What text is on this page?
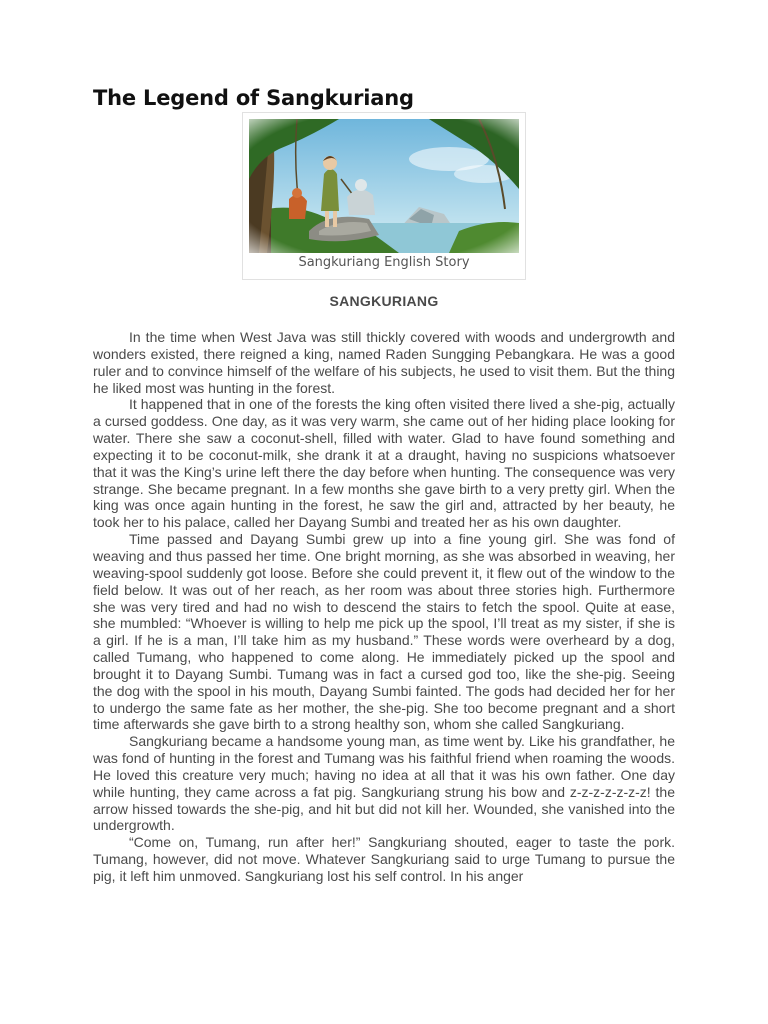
The Legend of Sangkuriang
Sangkuriang English Story
SANGKURIANG

In the time when West Java was still thickly covered with woods and undergrowth and wonders existed, there reigned a king, named Raden Sungging Pebangkara. He was a good ruler and to convince himself of the welfare of his subjects, he used to visit them. But the thing he liked most was hunting in the forest.

It happened that in one of the forests the king often visited there lived a she-pig, actually a cursed goddess. One day, as it was very warm, she came out of her hiding place looking for water. There she saw a coconut-shell, filled with water. Glad to have found something and expecting it to be coconut-milk, she drank it at a draught, having no suspicions whatsoever that it was the King’s urine left there the day before when hunting. The consequence was very strange. She became pregnant. In a few months she gave birth to a very pretty girl. When the king was once again hunting in the forest, he saw the girl and, attracted by her beauty, he took her to his palace, called her Dayang Sumbi and treated her as his own daughter.

Time passed and Dayang Sumbi grew up into a fine young girl. She was fond of weaving and thus passed her time. One bright morning, as she was absorbed in weaving, her weaving-spool suddenly got loose. Before she could prevent it, it flew out of the window to the field below. It was out of her reach, as her room was about three stories high. Furthermore she was very tired and had no wish to descend the stairs to fetch the spool. Quite at ease, she mumbled: “Whoever is willing to help me pick up the spool, I’ll treat as my sister, if she is a girl. If he is a man, I’ll take him as my husband.” These words were overheard by a dog, called Tumang, who happened to come along. He immediately picked up the spool and brought it to Dayang Sumbi. Tumang was in fact a cursed god too, like the she-pig. Seeing the dog with the spool in his mouth, Dayang Sumbi fainted. The gods had decided her for her to undergo the same fate as her mother, the she-pig. She too become pregnant and a short time afterwards she gave birth to a strong healthy son, whom she called Sangkuriang.

Sangkuriang became a handsome young man, as time went by. Like his grandfather, he was fond of hunting in the forest and Tumang was his faithful friend when roaming the woods. He loved this creature very much; having no idea at all that it was his own father. One day while hunting, they came across a fat pig. Sangkuriang strung his bow and z-z-z-z-z-z-z! the arrow hissed towards the she-pig, and hit but did not kill her. Wounded, she vanished into the undergrowth.

“Come on, Tumang, run after her!” Sangkuriang shouted, eager to taste the pork. Tumang, however, did not move. Whatever Sangkuriang said to urge Tumang to pursue the pig, it left him unmoved. Sangkuriang lost his self control. In his anger
